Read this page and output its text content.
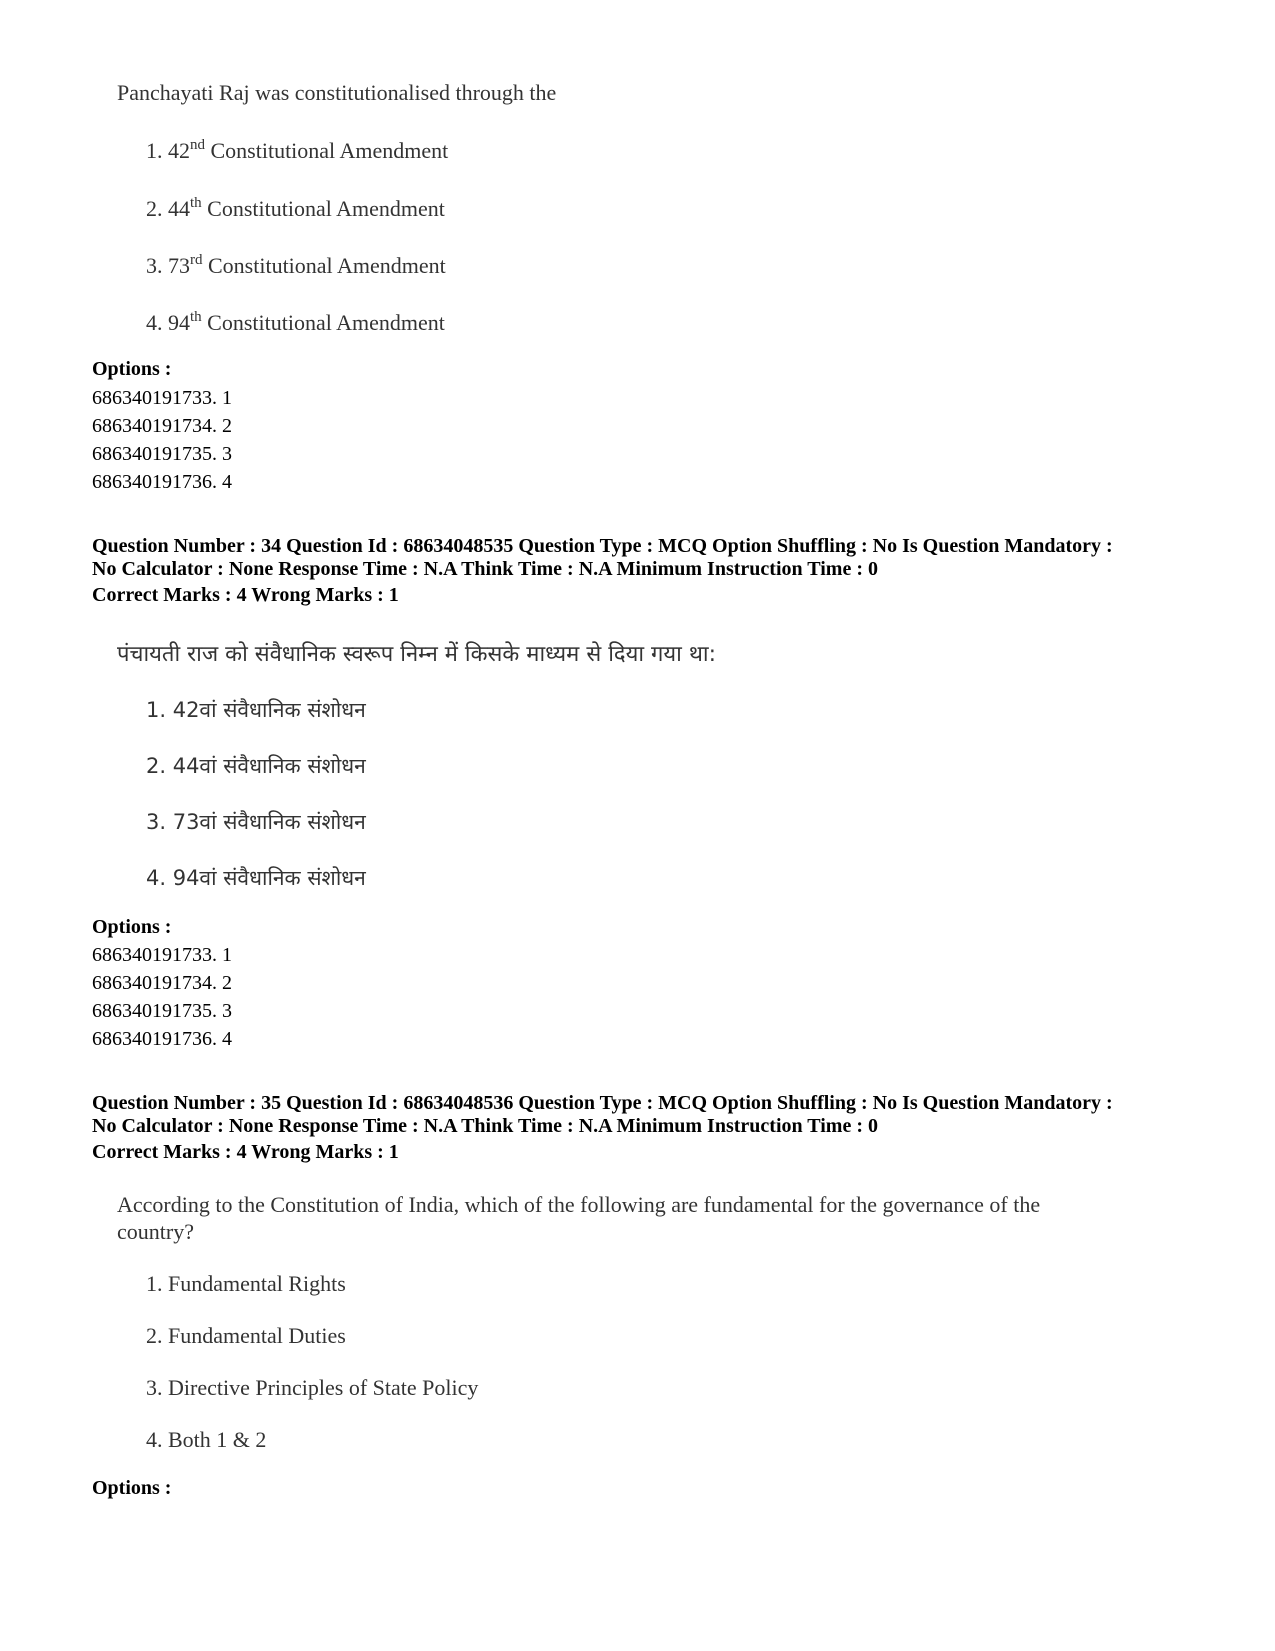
Panchayati Raj was constitutionalised through the
1. 42nd Constitutional Amendment
2. 44th Constitutional Amendment
3. 73rd Constitutional Amendment
4. 94th Constitutional Amendment
Options :
686340191733. 1
686340191734. 2
686340191735. 3
686340191736. 4
Question Number : 34 Question Id : 68634048535 Question Type : MCQ Option Shuffling : No Is Question Mandatory :
No Calculator : None Response Time : N.A Think Time : N.A Minimum Instruction Time : 0
Correct Marks : 4 Wrong Marks : 1
पंचायती राज को संवैधानिक स्वरूप निम्न में किसके माध्यम से दिया गया था:
1. 42वां संवैधानिक संशोधन
2. 44वां संवैधानिक संशोधन
3. 73वां संवैधानिक संशोधन
4. 94वां संवैधानिक संशोधन
Options :
686340191733. 1
686340191734. 2
686340191735. 3
686340191736. 4
Question Number : 35 Question Id : 68634048536 Question Type : MCQ Option Shuffling : No Is Question Mandatory :
No Calculator : None Response Time : N.A Think Time : N.A Minimum Instruction Time : 0
Correct Marks : 4 Wrong Marks : 1
According to the Constitution of India, which of the following are fundamental for the governance of the
country?
1. Fundamental Rights
2. Fundamental Duties
3. Directive Principles of State Policy
4. Both 1 & 2
Options :
